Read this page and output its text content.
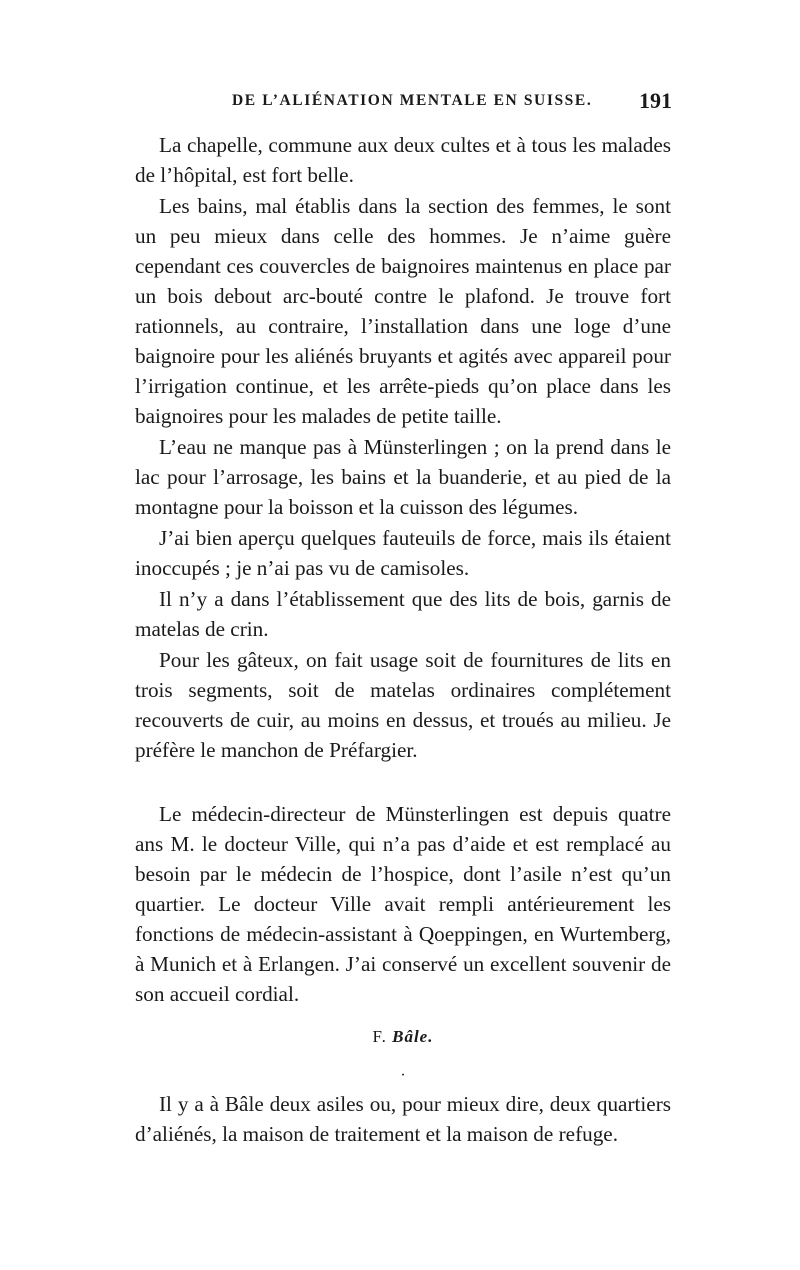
DE L’ALIÉNATION MENTALE EN SUISSE. 191

La chapelle, commune aux deux cultes et à tous les malades de l’hôpital, est fort belle.

Les bains, mal établis dans la section des femmes, le sont un peu mieux dans celle des hommes. Je n’aime guère cependant ces couvercles de baignoires maintenus en place par un bois debout arc-bouté contre le plafond. Je trouve fort rationnels, au contraire, l’installation dans une loge d’une baignoire pour les aliénés bruyants et agités avec appareil pour l’irrigation continue, et les arrête-pieds qu’on place dans les baignoires pour les malades de petite taille.

L’eau ne manque pas à Münsterlingen ; on la prend dans le lac pour l’arrosage, les bains et la buanderie, et au pied de la montagne pour la boisson et la cuisson des légumes.

J’ai bien aperçu quelques fauteuils de force, mais ils étaient inoccupés ; je n’ai pas vu de camisoles.

Il n’y a dans l’établissement que des lits de bois, garnis de matelas de crin.

Pour les gâteux, on fait usage soit de fournitures de lits en trois segments, soit de matelas ordinaires complétement recouverts de cuir, au moins en dessus, et troués au milieu. Je préfère le manchon de Préfargier.

Le médecin-directeur de Münsterlingen est depuis quatre ans M. le docteur Ville, qui n’a pas d’aide et est remplacé au besoin par le médecin de l’hospice, dont l’asile n’est qu’un quartier. Le docteur Ville avait rempli antérieurement les fonctions de médecin-assistant à Qoeppingen, en Wurtemberg, à Munich et à Erlangen. J’ai conservé un excellent souvenir de son accueil cordial.

F. Bâle.
·

Il y a à Bâle deux asiles ou, pour mieux dire, deux quartiers d’aliénés, la maison de traitement et la maison de refuge.
